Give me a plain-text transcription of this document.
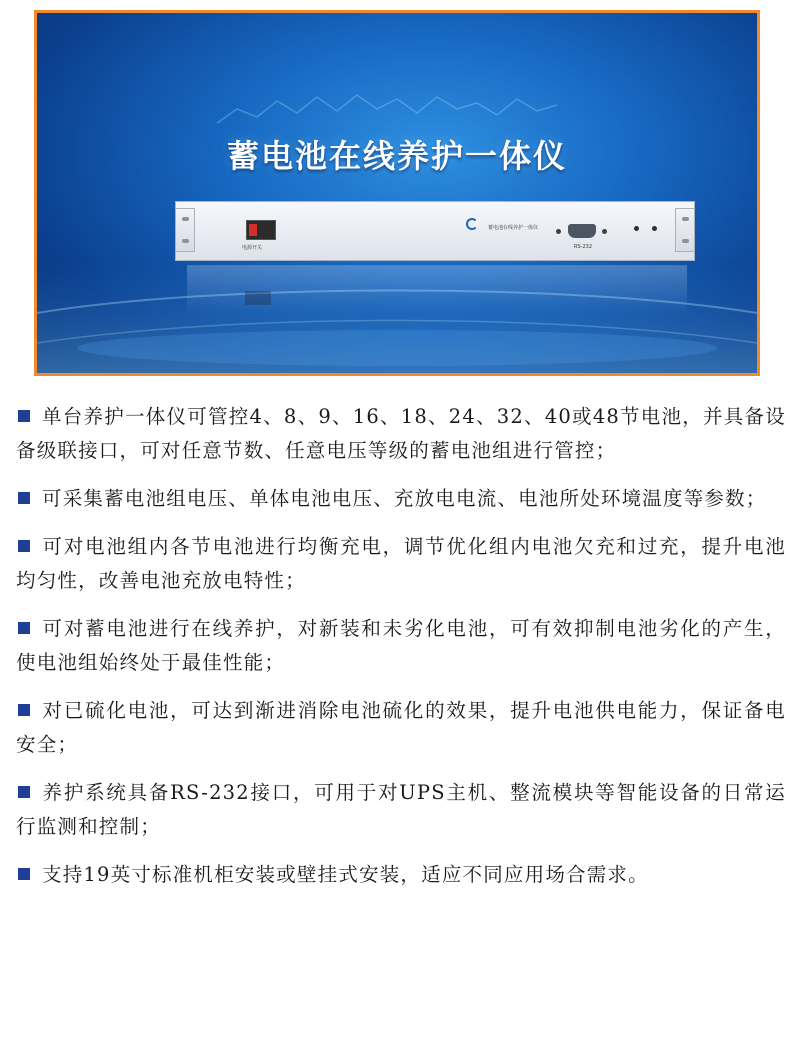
蓄电池在线养护一体仪
电源开关
蓄电池在线养护一体仪
RS-232

单台养护一体仪可管控4、8、9、16、18、24、32、40或48节电池，并具备设备级联接口，可对任意节数、任意电压等级的蓄电池组进行管控；

可采集蓄电池组电压、单体电池电压、充放电电流、电池所处环境温度等参数；

可对电池组内各节电池进行均衡充电，调节优化组内电池欠充和过充，提升电池均匀性，改善电池充放电特性；

可对蓄电池进行在线养护，对新装和未劣化电池，可有效抑制电池劣化的产生，使电池组始终处于最佳性能；

对已硫化电池，可达到渐进消除电池硫化的效果，提升电池供电能力，保证备电安全；

养护系统具备RS-232接口，可用于对UPS主机、整流模块等智能设备的日常运行监测和控制；

支持19英寸标准机柜安装或壁挂式安装，适应不同应用场合需求。
